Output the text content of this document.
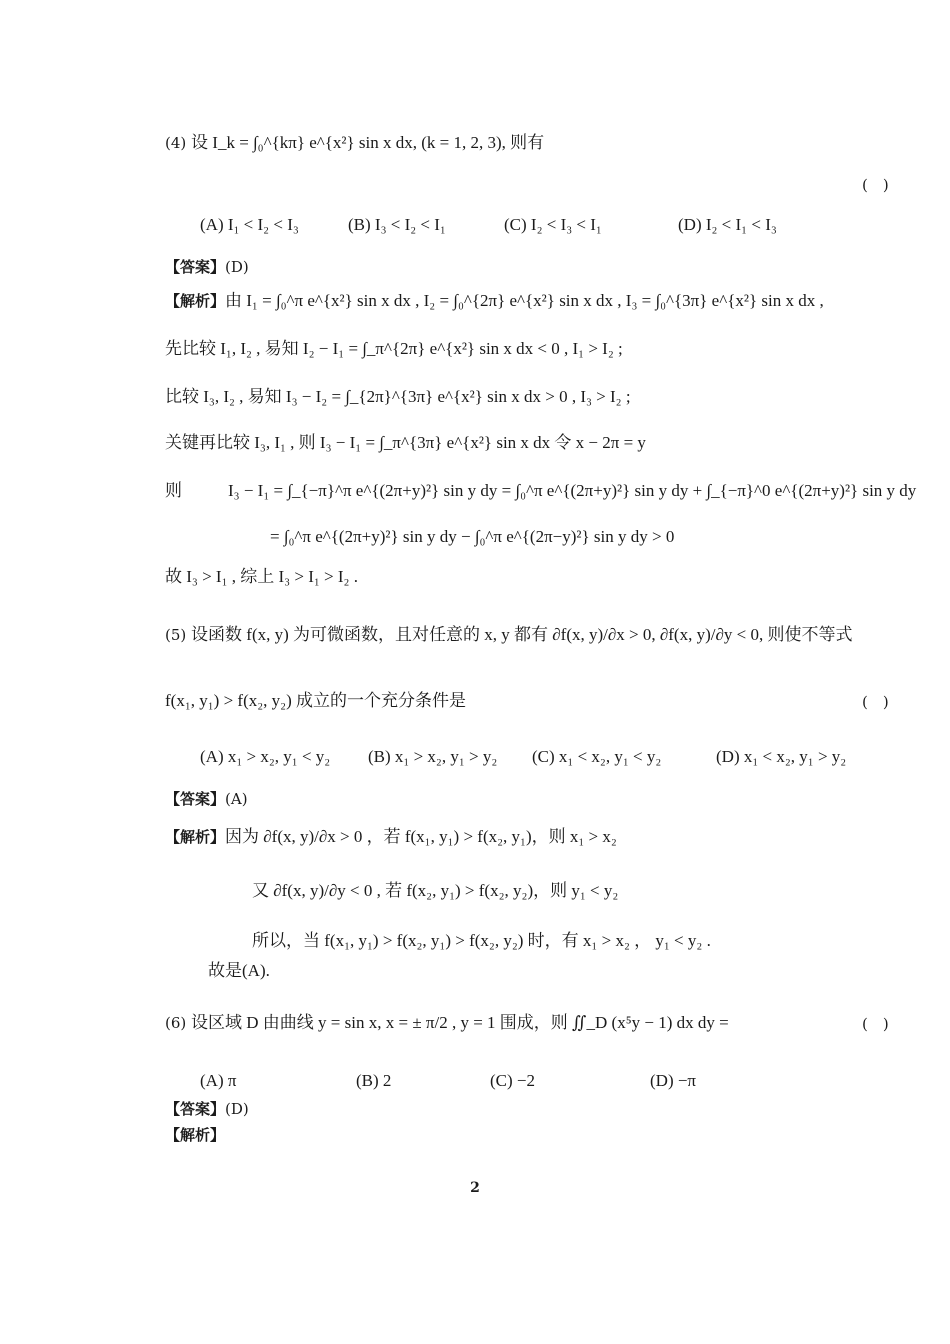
(4) 设 I_k = ∫₀^{kπ} e^{x²} sin x dx, (k = 1, 2, 3), 则有
(　)
(A) I₁ < I₂ < I₃	(B) I₃ < I₂ < I₁	(C) I₂ < I₃ < I₁	(D) I₂ < I₁ < I₃
【答案】(D)
【解析】由 I₁ = ∫₀^π e^{x²} sin x dx , I₂ = ∫₀^{2π} e^{x²} sin x dx , I₃ = ∫₀^{3π} e^{x²} sin x dx ,
先比较 I₁, I₂ , 易知 I₂ − I₁ = ∫_π^{2π} e^{x²} sin x dx < 0 , I₁ > I₂ ;
比较 I₃, I₂ , 易知 I₃ − I₂ = ∫_{2π}^{3π} e^{x²} sin x dx > 0 , I₃ > I₂ ;
关键再比较 I₃, I₁ , 则 I₃ − I₁ = ∫_π^{3π} e^{x²} sin x dx 令 x − 2π = y
则	I₃ − I₁ = ∫_{−π}^π e^{(2π+y)²} sin y dy = ∫₀^π e^{(2π+y)²} sin y dy + ∫_{−π}^0 e^{(2π+y)²} sin y dy
= ∫₀^π e^{(2π+y)²} sin y dy − ∫₀^π e^{(2π−y)²} sin y dy > 0
故 I₃ > I₁ , 综上 I₃ > I₁ > I₂ .
(5) 设函数 f(x, y) 为可微函数，且对任意的 x, y 都有 ∂f(x, y)/∂x > 0, ∂f(x, y)/∂y < 0, 则使不等式
f(x₁, y₁) > f(x₂, y₂) 成立的一个充分条件是	(　)
(A) x₁ > x₂, y₁ < y₂ (B) x₁ > x₂, y₁ > y₂ (C) x₁ < x₂, y₁ < y₂	(D) x₁ < x₂, y₁ > y₂
【答案】(A)
【解析】因为 ∂f(x, y)/∂x > 0 ，若 f(x₁, y₁) > f(x₂, y₁)，则 x₁ > x₂
又 ∂f(x, y)/∂y < 0 , 若 f(x₂, y₁) > f(x₂, y₂)，则 y₁ < y₂
所以，当 f(x₁, y₁) > f(x₂, y₁) > f(x₂, y₂) 时，有 x₁ > x₂ ， y₁ < y₂ .
故是(A).
(6) 设区域 D 由曲线 y = sin x, x = ± π/2 , y = 1 围成，则 ∬_D (x⁵y − 1) dx dy =	(　)
(A) π	(B) 2	(C) −2	(D) −π
【答案】(D)
【解析】
2
